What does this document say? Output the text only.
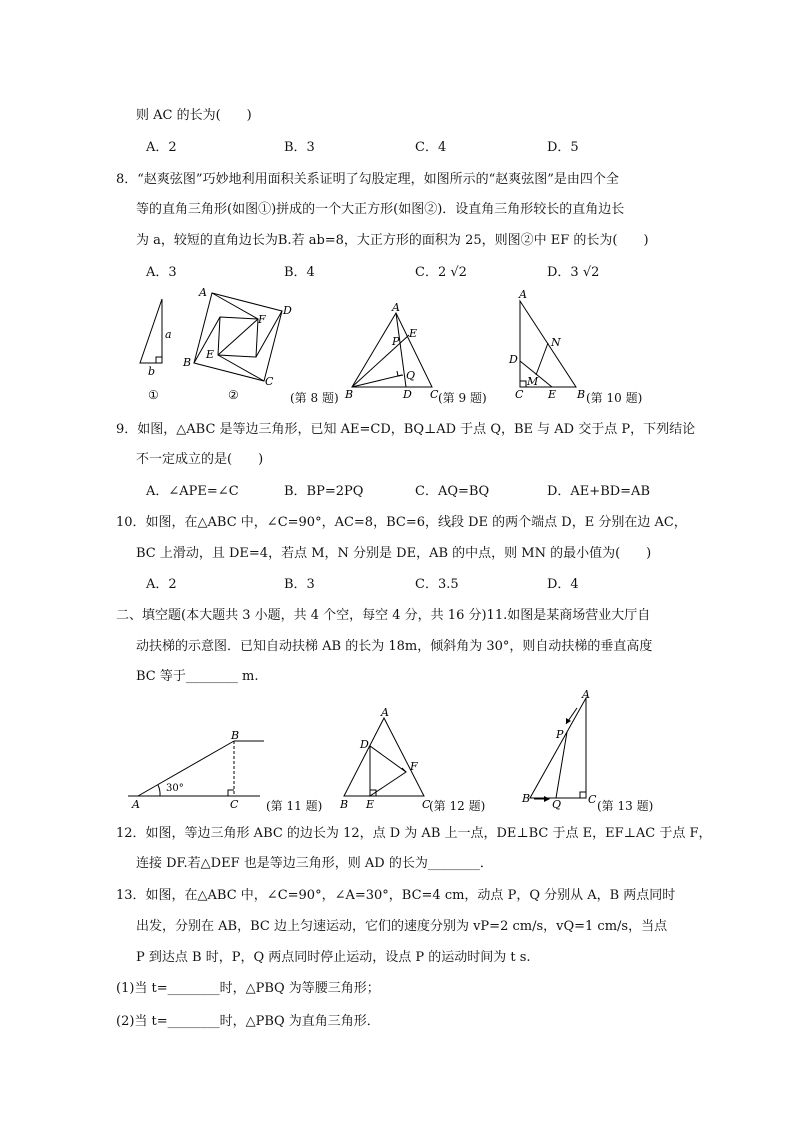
则 AC 的长为(　　)
A．2	B．3	C．4	D．5
8．“赵爽弦图”巧妙地利用面积关系证明了勾股定理，如图所示的“赵爽弦图”是由四个全
等的直角三角形(如图①)拼成的一个大正方形(如图②)．设直角三角形较长的直角边长
为 a，较短的直角边长为B.若 ab=8，大正方形的面积为 25，则图②中 EF 的长为(　　)
A．3	B．4	C．2 √2	D．3 √2
a
b
①
A
D
B
C
E
F
②
A
E
P
Q
B	D C
A
N
D
M
C E B
(第 8 题)	(第 9 题)	(第 10 题)
9．如图，△ABC 是等边三角形，已知 AE=CD，BQ⊥AD 于点 Q，BE 与 AD 交于点 P，下列结论
不一定成立的是(　　)
A．∠APE=∠C	B．BP=2PQ	C．AQ=BQ	D．AE+BD=AB
10．如图，在△ABC 中，∠C=90°，AC=8，BC=6，线段 DE 的两个端点 D，E 分别在边 AC，
BC 上滑动，且 DE=4，若点 M，N 分别是 DE，AB 的中点，则 MN 的最小值为(　　)
A．2	B．3	C．3.5	D．4
二、填空题(本大题共 3 小题，共 4 个空，每空 4 分，共 16 分)11.如图是某商场营业大厅自
动扶梯的示意图．已知自动扶梯 AB 的长为 18m，倾斜角为 30°，则自动扶梯的垂直高度
BC 等于________ m.
30°
A
B
C
A
D
F
B E	C
A
P
B Q C
(第 11 题)	(第 12 题)	(第 13 题)
12．如图，等边三角形 ABC 的边长为 12，点 D 为 AB 上一点，DE⊥BC 于点 E，EF⊥AC 于点 F，
连接 DF.若△DEF 也是等边三角形，则 AD 的长为________．
13．如图，在△ABC 中，∠C=90°，∠A=30°，BC=4 cm，动点 P，Q 分别从 A，B 两点同时
出发，分别在 AB，BC 边上匀速运动，它们的速度分别为 vP=2 cm/s，vQ=1 cm/s，当点
P 到达点 B 时，P，Q 两点同时停止运动，设点 P 的运动时间为 t s.
(1)当 t=________时，△PBQ 为等腰三角形；
(2)当 t=________时，△PBQ 为直角三角形．
